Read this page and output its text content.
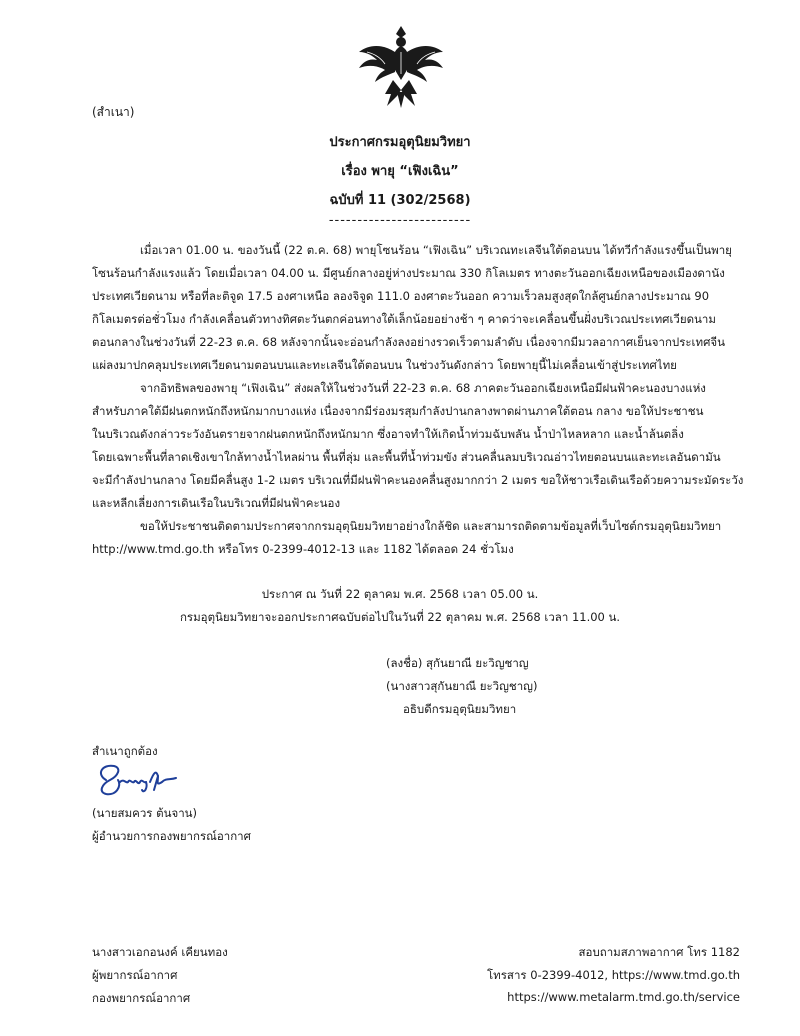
(สำเนา)
ประกาศกรมอุตุนิยมวิทยา
เรื่อง พายุ “เฟิงเฉิน”
ฉบับที่ 11 (302/2568)
-------------------------
เมื่อเวลา 01.00 น. ของวันนี้ (22 ต.ค. 68) พายุโซนร้อน “เฟิงเฉิน” บริเวณทะเลจีนใต้ตอนบน ได้ทวีกำลังแรงขึ้นเป็นพายุ
โซนร้อนกำลังแรงแล้ว โดยเมื่อเวลา 04.00 น. มีศูนย์กลางอยู่ห่างประมาณ 330 กิโลเมตร ทางตะวันออกเฉียงเหนือของเมืองดานัง
ประเทศเวียดนาม หรือที่ละติจูด 17.5 องศาเหนือ ลองจิจูด 111.0 องศาตะวันออก ความเร็วลมสูงสุดใกล้ศูนย์กลางประมาณ 90
กิโลเมตรต่อชั่วโมง กำลังเคลื่อนตัวทางทิศตะวันตกค่อนทางใต้เล็กน้อยอย่างช้า ๆ คาดว่าจะเคลื่อนขึ้นฝั่งบริเวณประเทศเวียดนาม
ตอนกลางในช่วงวันที่ 22-23 ต.ค. 68 หลังจากนั้นจะอ่อนกำลังลงอย่างรวดเร็วตามลำดับ เนื่องจากมีมวลอากาศเย็นจากประเทศจีน
แผ่ลงมาปกคลุมประเทศเวียดนามตอนบนและทะเลจีนใต้ตอนบน ในช่วงวันดังกล่าว โดยพายุนี้ไม่เคลื่อนเข้าสู่ประเทศไทย
จากอิทธิพลของพายุ “เฟิงเฉิน” ส่งผลให้ในช่วงวันที่ 22-23 ต.ค. 68 ภาคตะวันออกเฉียงเหนือมีฝนฟ้าคะนองบางแห่ง
สำหรับภาคใต้มีฝนตกหนักถึงหนักมากบางแห่ง เนื่องจากมีร่องมรสุมกำลังปานกลางพาดผ่านภาคใต้ตอน กลาง ขอให้ประชาชน
ในบริเวณดังกล่าวระวังอันตรายจากฝนตกหนักถึงหนักมาก ซึ่งอาจทำให้เกิดน้ำท่วมฉับพลัน น้ำป่าไหลหลาก และน้ำล้นตลิ่ง
โดยเฉพาะพื้นที่ลาดเชิงเขาใกล้ทางน้ำไหลผ่าน พื้นที่ลุ่ม และพื้นที่น้ำท่วมขัง ส่วนคลื่นลมบริเวณอ่าวไทยตอนบนและทะเลอันดามัน
จะมีกำลังปานกลาง โดยมีคลื่นสูง 1-2 เมตร บริเวณที่มีฝนฟ้าคะนองคลื่นสูงมากกว่า 2 เมตร ขอให้ชาวเรือเดินเรือด้วยความระมัดระวัง
และหลีกเลี่ยงการเดินเรือในบริเวณที่มีฝนฟ้าคะนอง
ขอให้ประชาชนติดตามประกาศจากกรมอุตุนิยมวิทยาอย่างใกล้ชิด และสามารถติดตามข้อมูลที่เว็บไซต์กรมอุตุนิยมวิทยา
http://www.tmd.go.th หรือโทร 0-2399-4012-13 และ 1182 ได้ตลอด 24 ชั่วโมง
ประกาศ ณ วันที่ 22 ตุลาคม พ.ศ. 2568 เวลา 05.00 น.
กรมอุตุนิยมวิทยาจะออกประกาศฉบับต่อไปในวันที่ 22 ตุลาคม พ.ศ. 2568 เวลา 11.00 น.
(ลงชื่อ) สุกันยาณี ยะวิญชาญ
(นางสาวสุกันยาณี ยะวิญชาญ)
อธิบดีกรมอุตุนิยมวิทยา
สำเนาถูกต้อง
(นายสมควร ต้นจาน)
ผู้อำนวยการกองพยากรณ์อากาศ
นางสาวเอกอนงค์ เคียนทอง
ผู้พยากรณ์อากาศ
กองพยากรณ์อากาศ
สอบถามสภาพอากาศ โทร 1182
โทรสาร 0-2399-4012, https://www.tmd.go.th
https://www.metalarm.tmd.go.th/service
